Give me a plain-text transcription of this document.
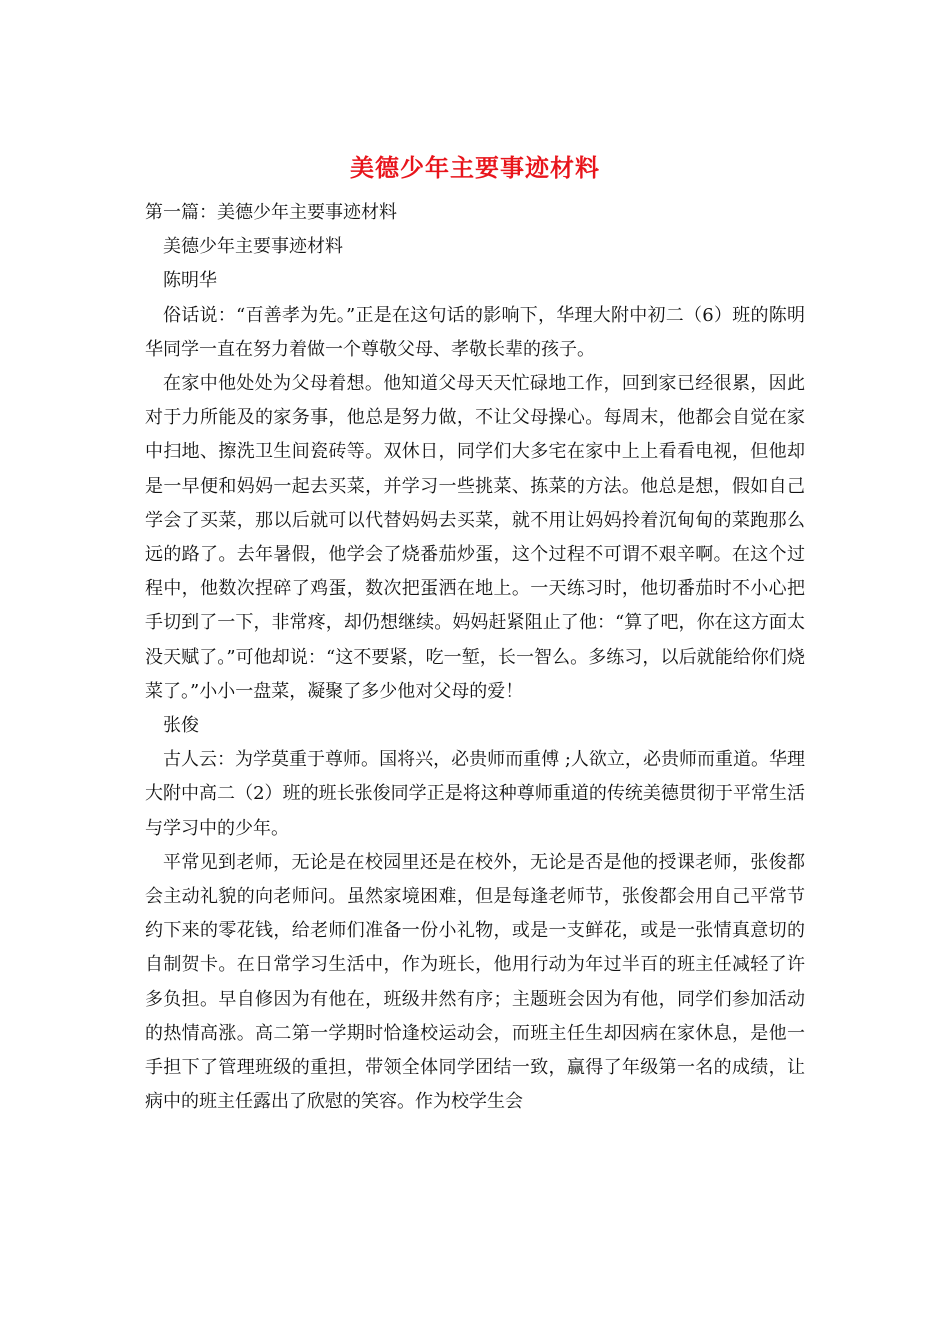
美德少年主要事迹材料

第一篇：美德少年主要事迹材料

美德少年主要事迹材料

陈明华

俗话说：“百善孝为先。”正是在这句话的影响下，华理大附中初二（6）班的陈明华同学一直在努力着做一个尊敬父母、孝敬长辈的孩子。

在家中他处处为父母着想。他知道父母天天忙碌地工作，回到家已经很累，因此对于力所能及的家务事，他总是努力做，不让父母操心。每周末，他都会自觉在家中扫地、擦洗卫生间瓷砖等。双休日，同学们大多宅在家中上上看看电视，但他却是一早便和妈妈一起去买菜，并学习一些挑菜、拣菜的方法。他总是想，假如自己学会了买菜，那以后就可以代替妈妈去买菜，就不用让妈妈拎着沉甸甸的菜跑那么远的路了。去年暑假，他学会了烧番茄炒蛋，这个过程不可谓不艰辛啊。在这个过程中，他数次捏碎了鸡蛋，数次把蛋洒在地上。一天练习时，他切番茄时不小心把手切到了一下，非常疼，却仍想继续。妈妈赶紧阻止了他：“算了吧，你在这方面太没天赋了。”可他却说：“这不要紧，吃一堑，长一智么。多练习，以后就能给你们烧菜了。”小小一盘菜，凝聚了多少他对父母的爱！

张俊

古人云：为学莫重于尊师。国将兴，必贵师而重傅 ;人欲立，必贵师而重道。华理大附中高二（2）班的班长张俊同学正是将这种尊师重道的传统美德贯彻于平常生活与学习中的少年。

平常见到老师，无论是在校园里还是在校外，无论是否是他的授课老师，张俊都会主动礼貌的向老师问。虽然家境困难，但是每逢老师节，张俊都会用自己平常节约下来的零花钱，给老师们准备一份小礼物，或是一支鲜花，或是一张情真意切的自制贺卡。在日常学习生活中，作为班长，他用行动为年过半百的班主任减轻了许多负担。早自修因为有他在，班级井然有序；主题班会因为有他，同学们参加活动的热情高涨。高二第一学期时恰逢校运动会，而班主任生却因病在家休息，是他一手担下了管理班级的重担，带领全体同学团结一致，赢得了年级第一名的成绩，让病中的班主任露出了欣慰的笑容。作为校学生会
